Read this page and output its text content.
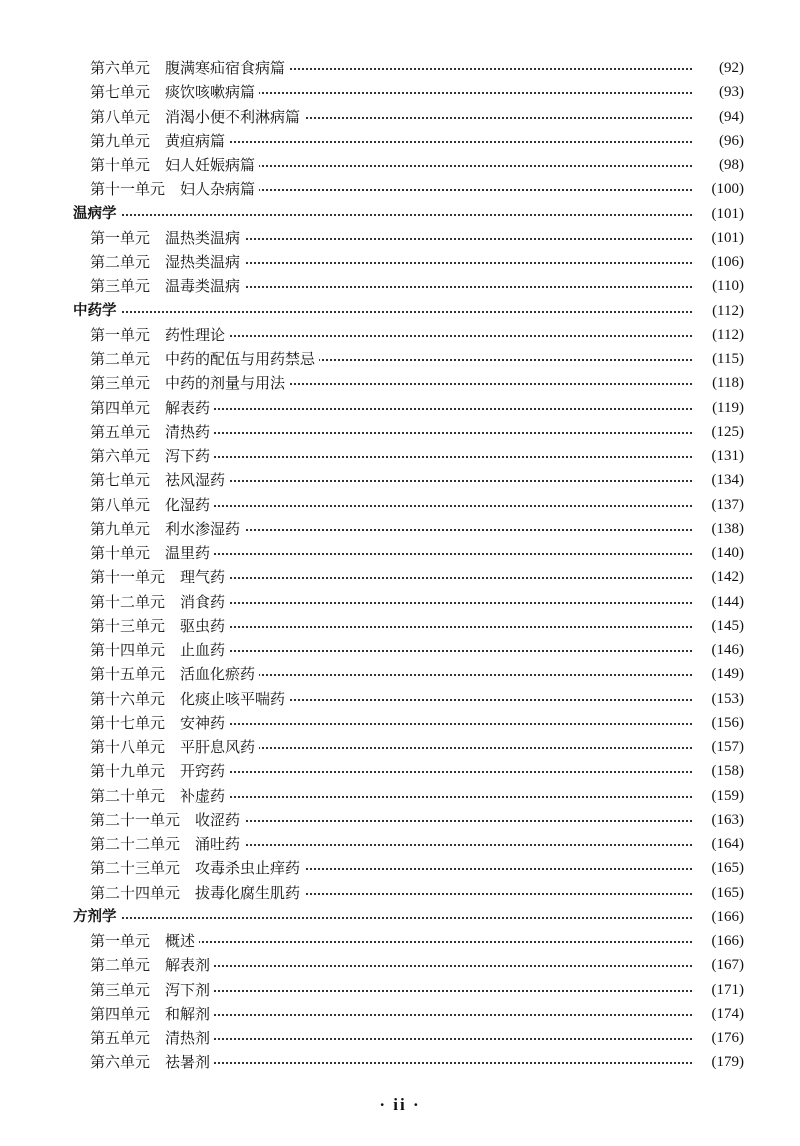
第六单元　腹满寒疝宿食病篇	(92)
第七单元　痰饮咳嗽病篇	(93)
第八单元　消渴小便不利淋病篇	(94)
第九单元　黄疸病篇	(96)
第十单元　妇人妊娠病篇	(98)
第十一单元　妇人杂病篇	(100)
温病学	(101)
第一单元　温热类温病	(101)
第二单元　湿热类温病	(106)
第三单元　温毒类温病	(110)
中药学	(112)
第一单元　药性理论	(112)
第二单元　中药的配伍与用药禁忌	(115)
第三单元　中药的剂量与用法	(118)
第四单元　解表药	(119)
第五单元　清热药	(125)
第六单元　泻下药	(131)
第七单元　祛风湿药	(134)
第八单元　化湿药	(137)
第九单元　利水渗湿药	(138)
第十单元　温里药	(140)
第十一单元　理气药	(142)
第十二单元　消食药	(144)
第十三单元　驱虫药	(145)
第十四单元　止血药	(146)
第十五单元　活血化瘀药	(149)
第十六单元　化痰止咳平喘药	(153)
第十七单元　安神药	(156)
第十八单元　平肝息风药	(157)
第十九单元　开窍药	(158)
第二十单元　补虚药	(159)
第二十一单元　收涩药	(163)
第二十二单元　涌吐药	(164)
第二十三单元　攻毒杀虫止痒药	(165)
第二十四单元　拔毒化腐生肌药	(165)
方剂学	(166)
第一单元　概述	(166)
第二单元　解表剂	(167)
第三单元　泻下剂	(171)
第四单元　和解剂	(174)
第五单元　清热剂	(176)
第六单元　祛暑剂	(179)
· ii ·
